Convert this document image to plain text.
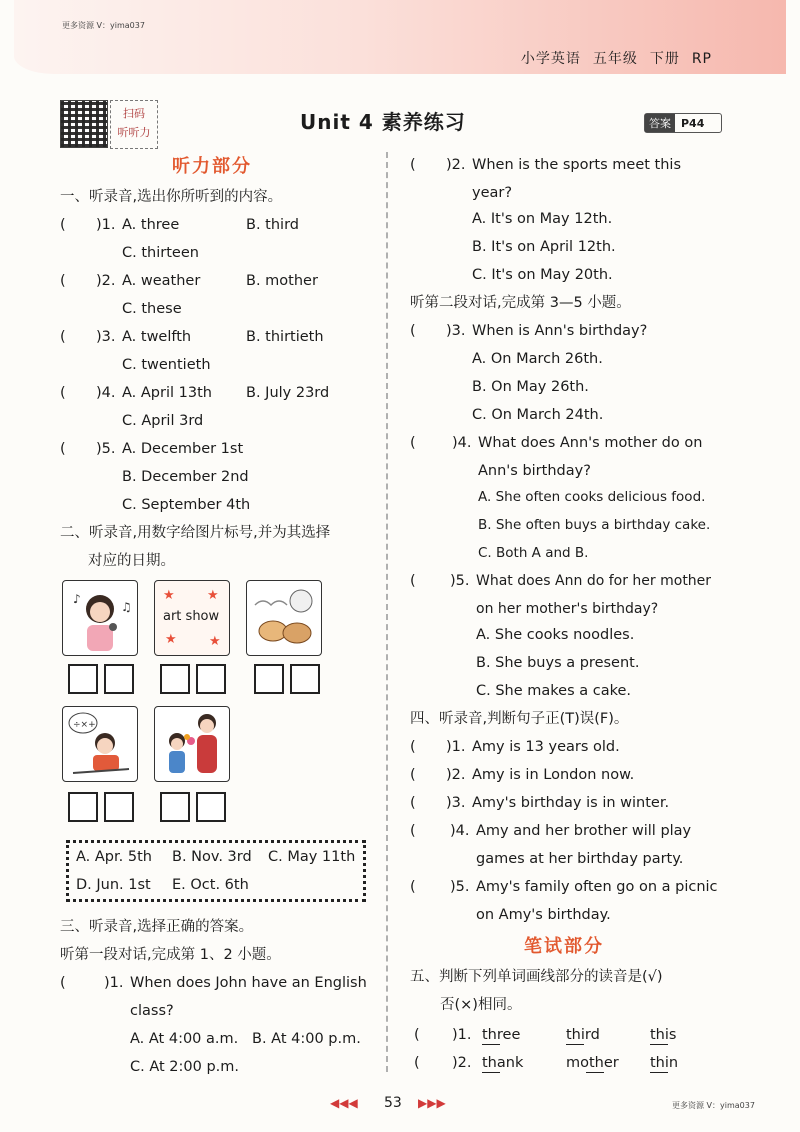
更多资源 V：yima037
小学英语 五年级 下册 RP
扫码
听听力	Unit 4 素养练习	答案 P44
听力部分
一、听录音,选出你所听到的内容。
( )1. A. three	B. third
C. thirteen
( )2. A. weather	B. mother
C. these
( )3. A. twelfth	B. thirtieth
C. twentieth
( )4. A. April 13th B. July 23rd
C. April 3rd
( )5. A. December 1st
B. December 2nd
C. September 4th
二、听录音,用数字给图片标号,并为其选择
对应的日期。
♪
♫
★ ★
★ ★
art show
÷×+
A. Apr. 5th B. Nov. 3rd C. May 11th
D. Jun. 1st E. Oct. 6th
三、听录音,选择正确的答案。
听第一段对话,完成第 1、2 小题。
(	)1. When does John have an English
class?
A. At 4:00 a.m. B. At 4:00 p.m.
C. At 2:00 p.m.
( )2. When is the sports meet this
year?
A. It's on May 12th.
B. It's on April 12th.
C. It's on May 20th.
听第二段对话,完成第 3—5 小题。
( )3. When is Ann's birthday?
A. On March 26th.
B. On May 26th.
C. On March 24th.
(	)4. What does Ann's mother do on
Ann's birthday?
A. She often cooks delicious food.
B. She often buys a birthday cake.
C. Both A and B.
( )5. What does Ann do for her mother
on her mother's birthday?
A. She cooks noodles.
B. She buys a present.
C. She makes a cake.
四、听录音,判断句子正(T)误(F)。
( )1. Amy is 13 years old.
( )2. Amy is in London now.
( )3. Amy's birthday is in winter.
( )4. Amy and her brother will play
games at her birthday party.
( )5. Amy's family often go on a picnic
on Amy's birthday.
笔试部分
五、判断下列单词画线部分的读音是(√)
否(×)相同。
( )1. three	third	this
( )2. thank	mother thin
◀◀◀ 53 ▶▶▶	更多资源 V：yima037
